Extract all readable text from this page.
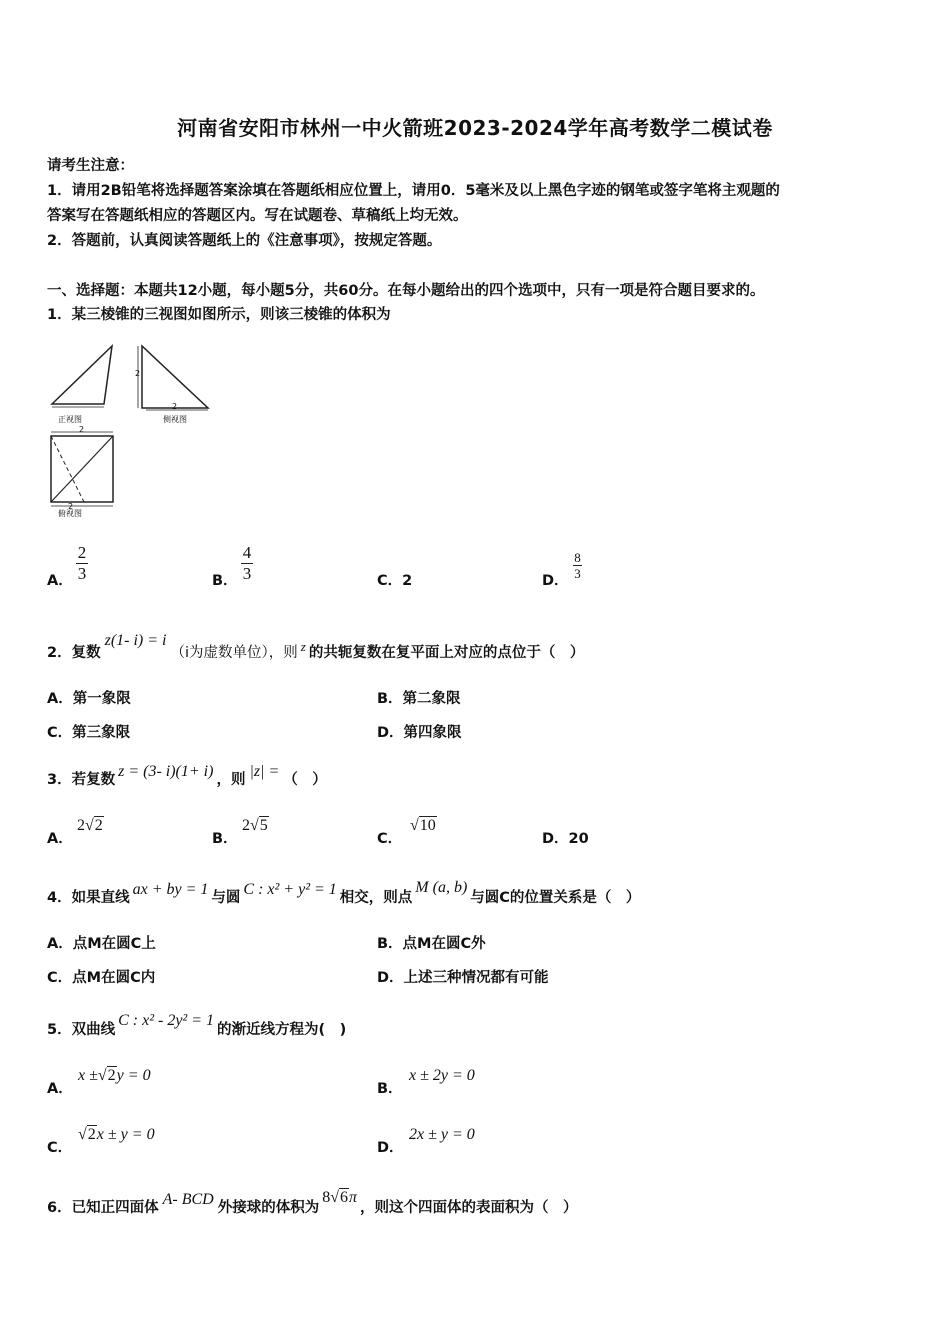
河南省安阳市林州一中火箭班2023-2024学年高考数学二模试卷
请考生注意：
1．请用2B铅笔将选择题答案涂填在答题纸相应位置上，请用0．5毫米及以上黑色字迹的钢笔或签字笔将主观题的
答案写在答题纸相应的答题区内。写在试题卷、草稿纸上均无效。
2．答题前，认真阅读答题纸上的《注意事项》，按规定答题。
一、选择题：本题共12小题，每小题5分，共60分。在每小题给出的四个选项中，只有一项是符合题目要求的。
1．某三棱锥的三视图如图所示，则该三棱锥的体积为
正视图	侧视图
俯视图
2
2
2
2
A．
2
3	B．
4
3	C．2	D．
8
3
2．复数z(1- i) = i（i为虚数单位），则 z 的共轭复数在复平面上对应的点位于（　）
A．第一象限	B．第二象限
C．第三象限	D．第四象限
3．若复数 z = (3- i)(1+ i) ，则 |z| = （　）
A．
2√2
B．
2√5
C．
√10
D．20
4．如果直线 ax + by = 1 与圆 C : x² + y² = 1 相交，则点M (a, b)与圆C的位置关系是（　）
A．点M在圆C上	B．点M在圆C外
C．点M在圆C内	D．上述三种情况都有可能
5．双曲线C : x² - 2y² = 1的渐近线方程为(　)
A．
x ±√2y = 0
B．
x ± 2y = 0
C．
√2x ± y = 0
D．
2x ± y = 0
6．已知正四面体 A- BCD 外接球的体积为8√6π，则这个四面体的表面积为（　）
